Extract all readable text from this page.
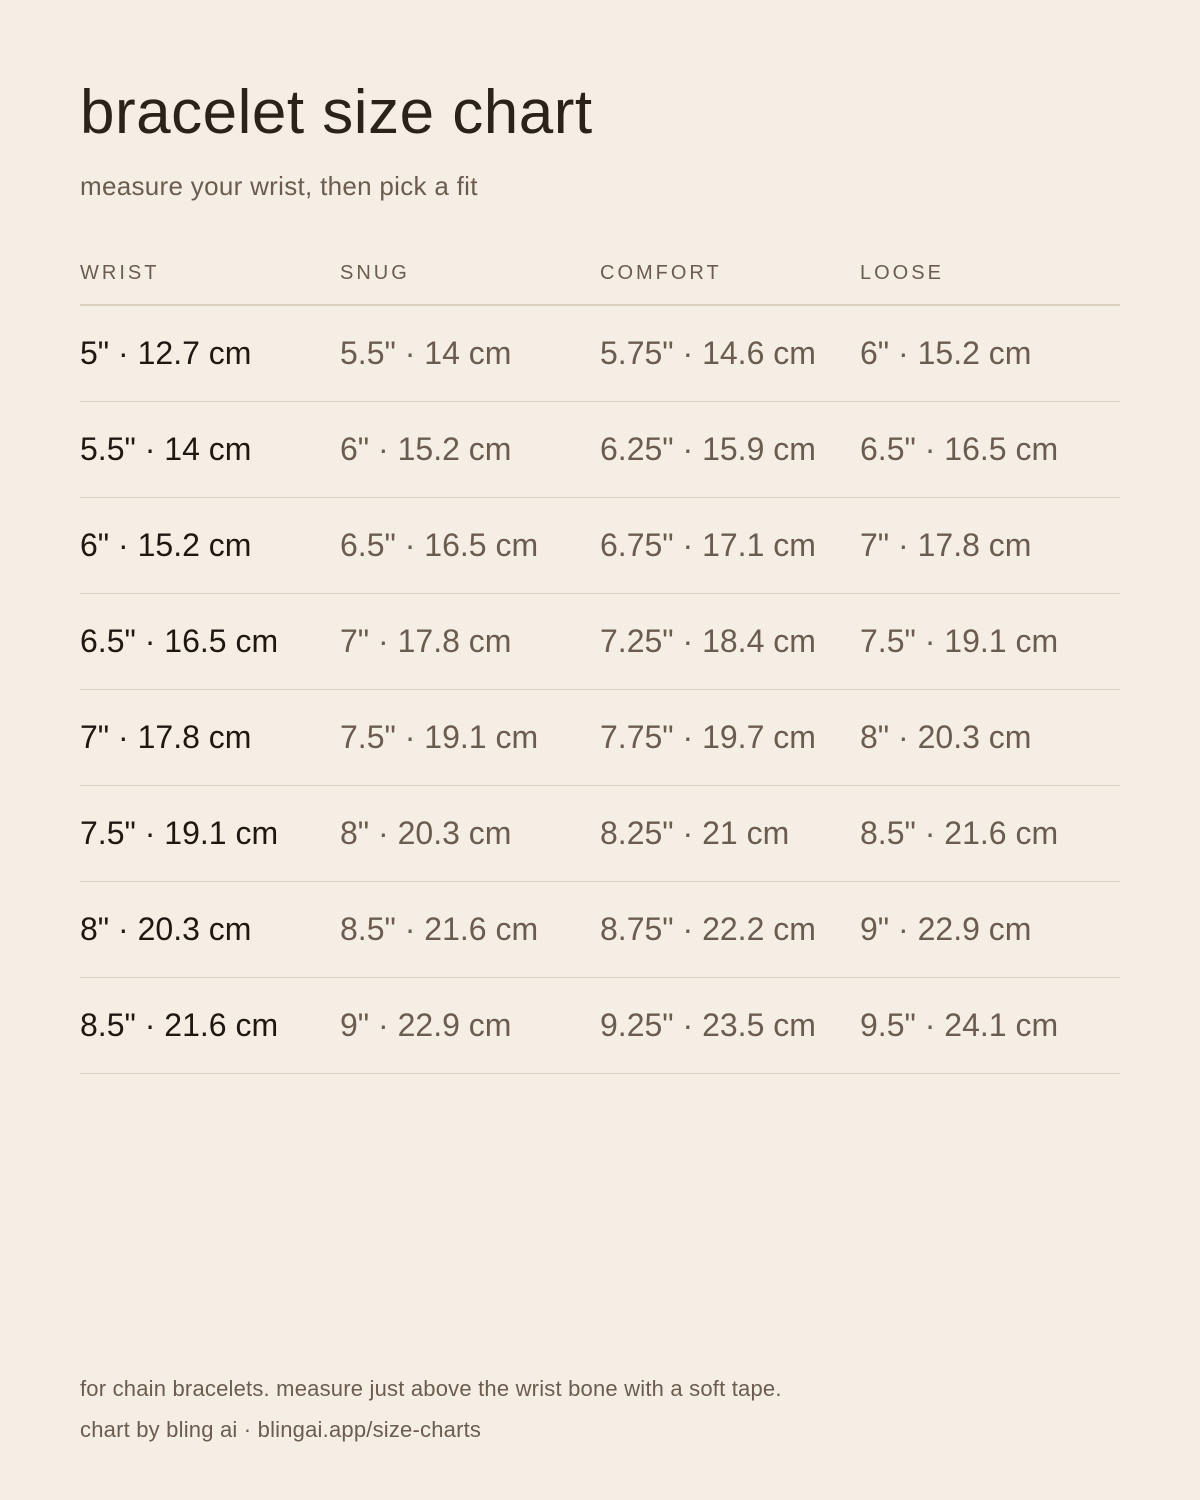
bracelet size chart

measure your wrist, then pick a fit

WRIST	SNUG	COMFORT	LOOSE
5" · 12.7 cm	5.5" · 14 cm	5.75" · 14.6 cm	6" · 15.2 cm
5.5" · 14 cm	6" · 15.2 cm	6.25" · 15.9 cm	6.5" · 16.5 cm
6" · 15.2 cm	6.5" · 16.5 cm	6.75" · 17.1 cm	7" · 17.8 cm
6.5" · 16.5 cm	7" · 17.8 cm	7.25" · 18.4 cm	7.5" · 19.1 cm
7" · 17.8 cm	7.5" · 19.1 cm	7.75" · 19.7 cm	8" · 20.3 cm
7.5" · 19.1 cm	8" · 20.3 cm	8.25" · 21 cm	8.5" · 21.6 cm
8" · 20.3 cm	8.5" · 21.6 cm	8.75" · 22.2 cm	9" · 22.9 cm
8.5" · 21.6 cm	9" · 22.9 cm	9.25" · 23.5 cm	9.5" · 24.1 cm

for chain bracelets. measure just above the wrist bone with a soft tape.

chart by bling ai · blingai.app/size-charts
